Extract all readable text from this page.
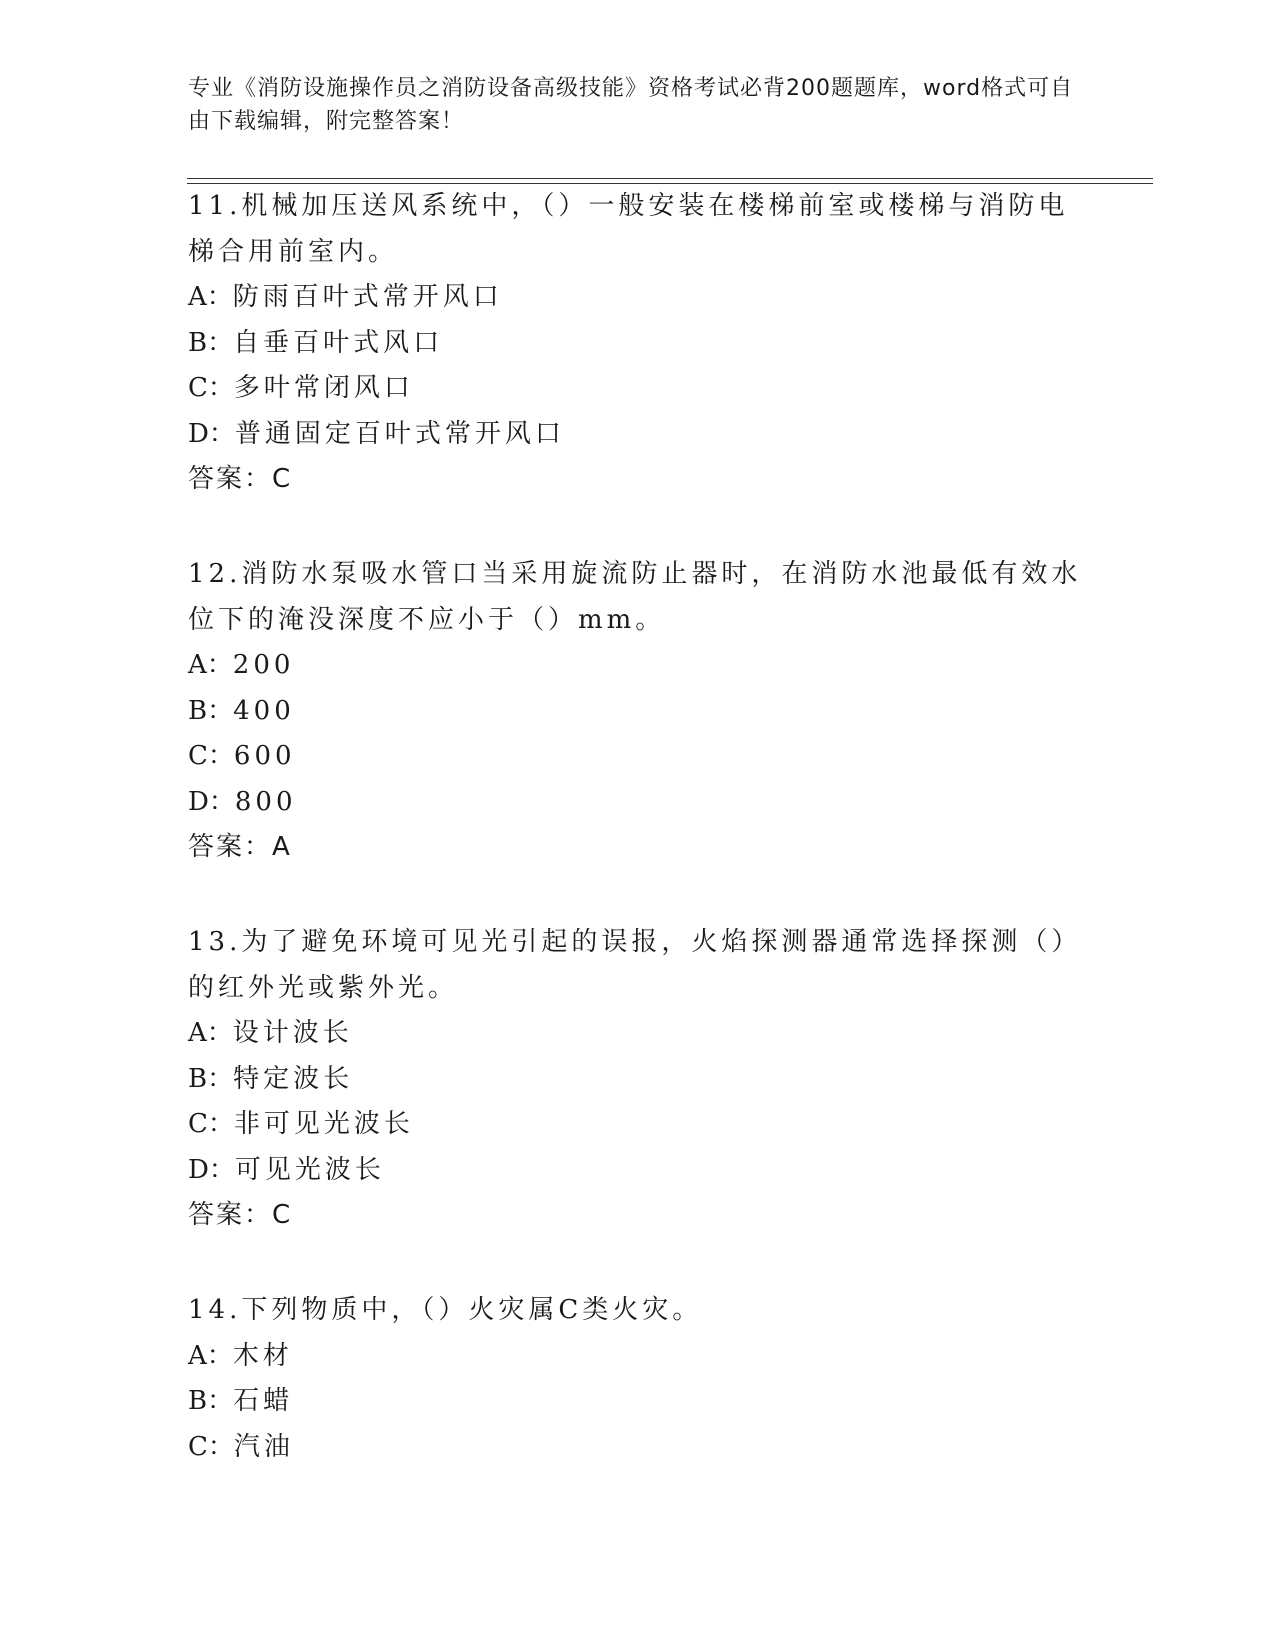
专业《消防设施操作员之消防设备高级技能》资格考试必背200题题库，word格式可自由下载编辑，附完整答案！

11.机械加压送风系统中，（）一般安装在楼梯前室或楼梯与消防电梯合用前室内。

A：防雨百叶式常开风口

B：自垂百叶式风口

C：多叶常闭风口

D：普通固定百叶式常开风口

答案：C

12.消防水泵吸水管口当采用旋流防止器时，在消防水池最低有效水位下的淹没深度不应小于（）mm。

A：200

B：400

C：600

D：800

答案：A

13.为了避免环境可见光引起的误报，火焰探测器通常选择探测（）的红外光或紫外光。

A：设计波长

B：特定波长

C：非可见光波长

D：可见光波长

答案：C

14.下列物质中，（）火灾属C类火灾。

A：木材

B：石蜡

C：汽油
